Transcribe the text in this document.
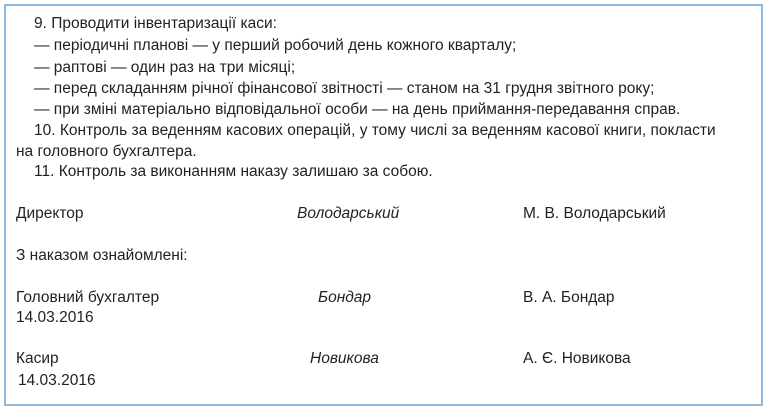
9. Проводити інвентаризації каси:
— періодичні планові — у перший робочий день кожного кварталу;
— раптові — один раз на три місяці;
— перед складанням річної фінансової звітності — станом на 31 грудня звітного року;
— при зміні матеріально відповідальної особи — на день приймання-передавання справ.
10. Контроль за веденням касових операцій, у тому числі за веденням касової книги, покласти
на головного бухгалтера.
11. Контроль за виконанням наказу залишаю за собою.
Директор	Володарський	М. В. Володарський
З наказом ознайомлені:
Головний бухгалтер	Бондар	В. А. Бондар
14.03.2016
Касир	Новикова	А. Є. Новикова
14.03.2016
